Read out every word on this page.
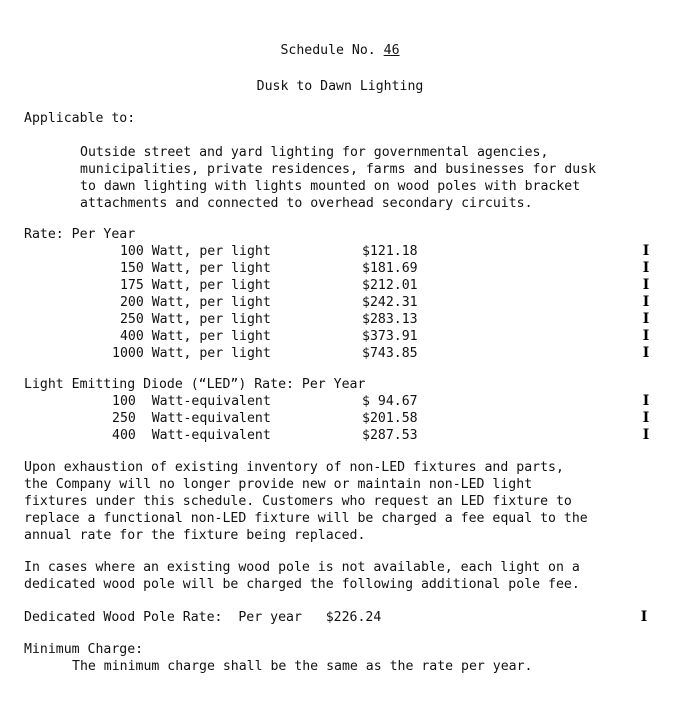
Schedule No. 46
Dusk to Dawn Lighting
Applicable to:
Outside street and yard lighting for governmental agencies,
municipalities, private residences, farms and businesses for dusk
to dawn lighting with lights mounted on wood poles with bracket
attachments and connected to overhead secondary circuits.
Rate: Per Year
100 Watt, per light	$121.18	I
150 Watt, per light	$181.69	I
175 Watt, per light	$212.01	I
200 Watt, per light	$242.31	I
250 Watt, per light	$283.13	I
400 Watt, per light	$373.91	I
1000 Watt, per light	$743.85	I
Light Emitting Diode (“LED”) Rate: Per Year
100  Watt-equivalent	$ 94.67	I
250  Watt-equivalent	$201.58	I
400  Watt-equivalent	$287.53	I
Upon exhaustion of existing inventory of non-LED fixtures and parts,
the Company will no longer provide new or maintain non-LED light
fixtures under this schedule. Customers who request an LED fixture to
replace a functional non-LED fixture will be charged a fee equal to the
annual rate for the fixture being replaced.
In cases where an existing wood pole is not available, each light on a
dedicated wood pole will be charged the following additional pole fee.
Dedicated Wood Pole Rate:  Per year   $226.24	I
Minimum Charge:
The minimum charge shall be the same as the rate per year.
